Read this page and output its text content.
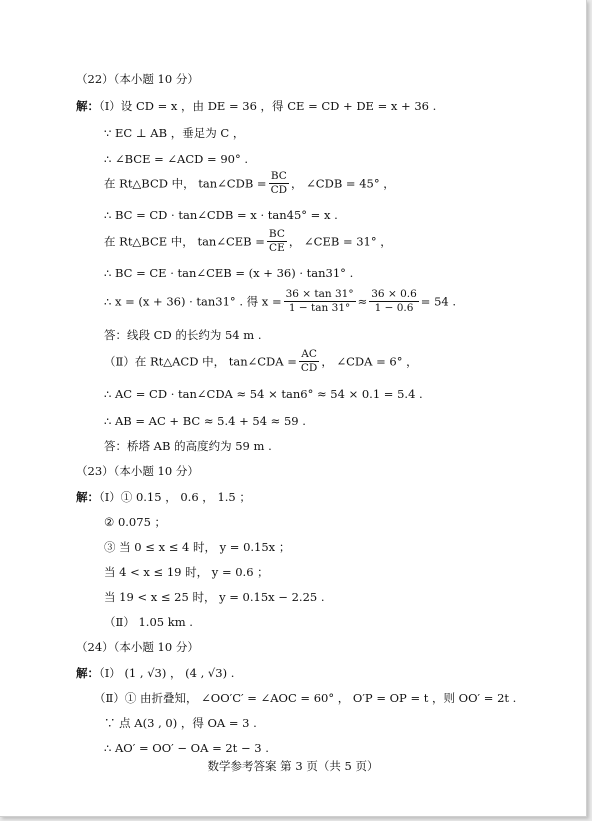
（22）（本小题 10 分）
解：（Ⅰ）设 CD = x ，由 DE = 36 ，得 CE = CD + DE = x + 36 .
∵ EC ⊥ AB ，垂足为 C ，
∴ ∠BCE = ∠ACD = 90° .
在 Rt△BCD 中， tan∠CDB = $\frac{BC}{CD}$ ， ∠CDB = 45° ，
∴ BC = CD · tan∠CDB = x · tan45° = x .
在 Rt△BCE 中， tan∠CEB = $\frac{BC}{CE}$ ， ∠CEB = 31° ，
∴ BC = CE · tan∠CEB = (x + 36) · tan31° .
∴ x = (x + 36) · tan31° . 得 $x = \frac{36 \times \tan 31^\circ}{1 - \tan 31^\circ} \approx \frac{36 \times 0.6}{1 - 0.6} = 54$ .
答：线段 CD 的长约为 54 m .
（Ⅱ）在 Rt△ACD 中， tan∠CDA = $\frac{AC}{CD}$ ， ∠CDA = 6° ，
∴ AC = CD · tan∠CDA ≈ 54 × tan6° ≈ 54 × 0.1 = 5.4 .
∴ AB = AC + BC ≈ 5.4 + 54 ≈ 59 .
答：桥塔 AB 的高度约为 59 m .
（23）（本小题 10 分）
解：（Ⅰ）① 0.15 ， 0.6 ， 1.5 ；
② 0.075 ；
③ 当 0 ≤ x ≤ 4 时， y = 0.15x ；
当 4 < x ≤ 19 时， y = 0.6 ；
当 19 < x ≤ 25 时， y = 0.15x − 2.25 .
（Ⅱ） 1.05 km .
（24）（本小题 10 分）
解：（Ⅰ） (1 , √3) ， (4 , √3) .
（Ⅱ）① 由折叠知， ∠OO′C′ = ∠AOC = 60° ， O′P = OP = t ，则 OO′ = 2t .
∵ 点 A(3 , 0) ，得 OA = 3 .
∴ AO′ = OO′ − OA = 2t − 3 .
数学参考答案 第 3 页（共 5 页）
